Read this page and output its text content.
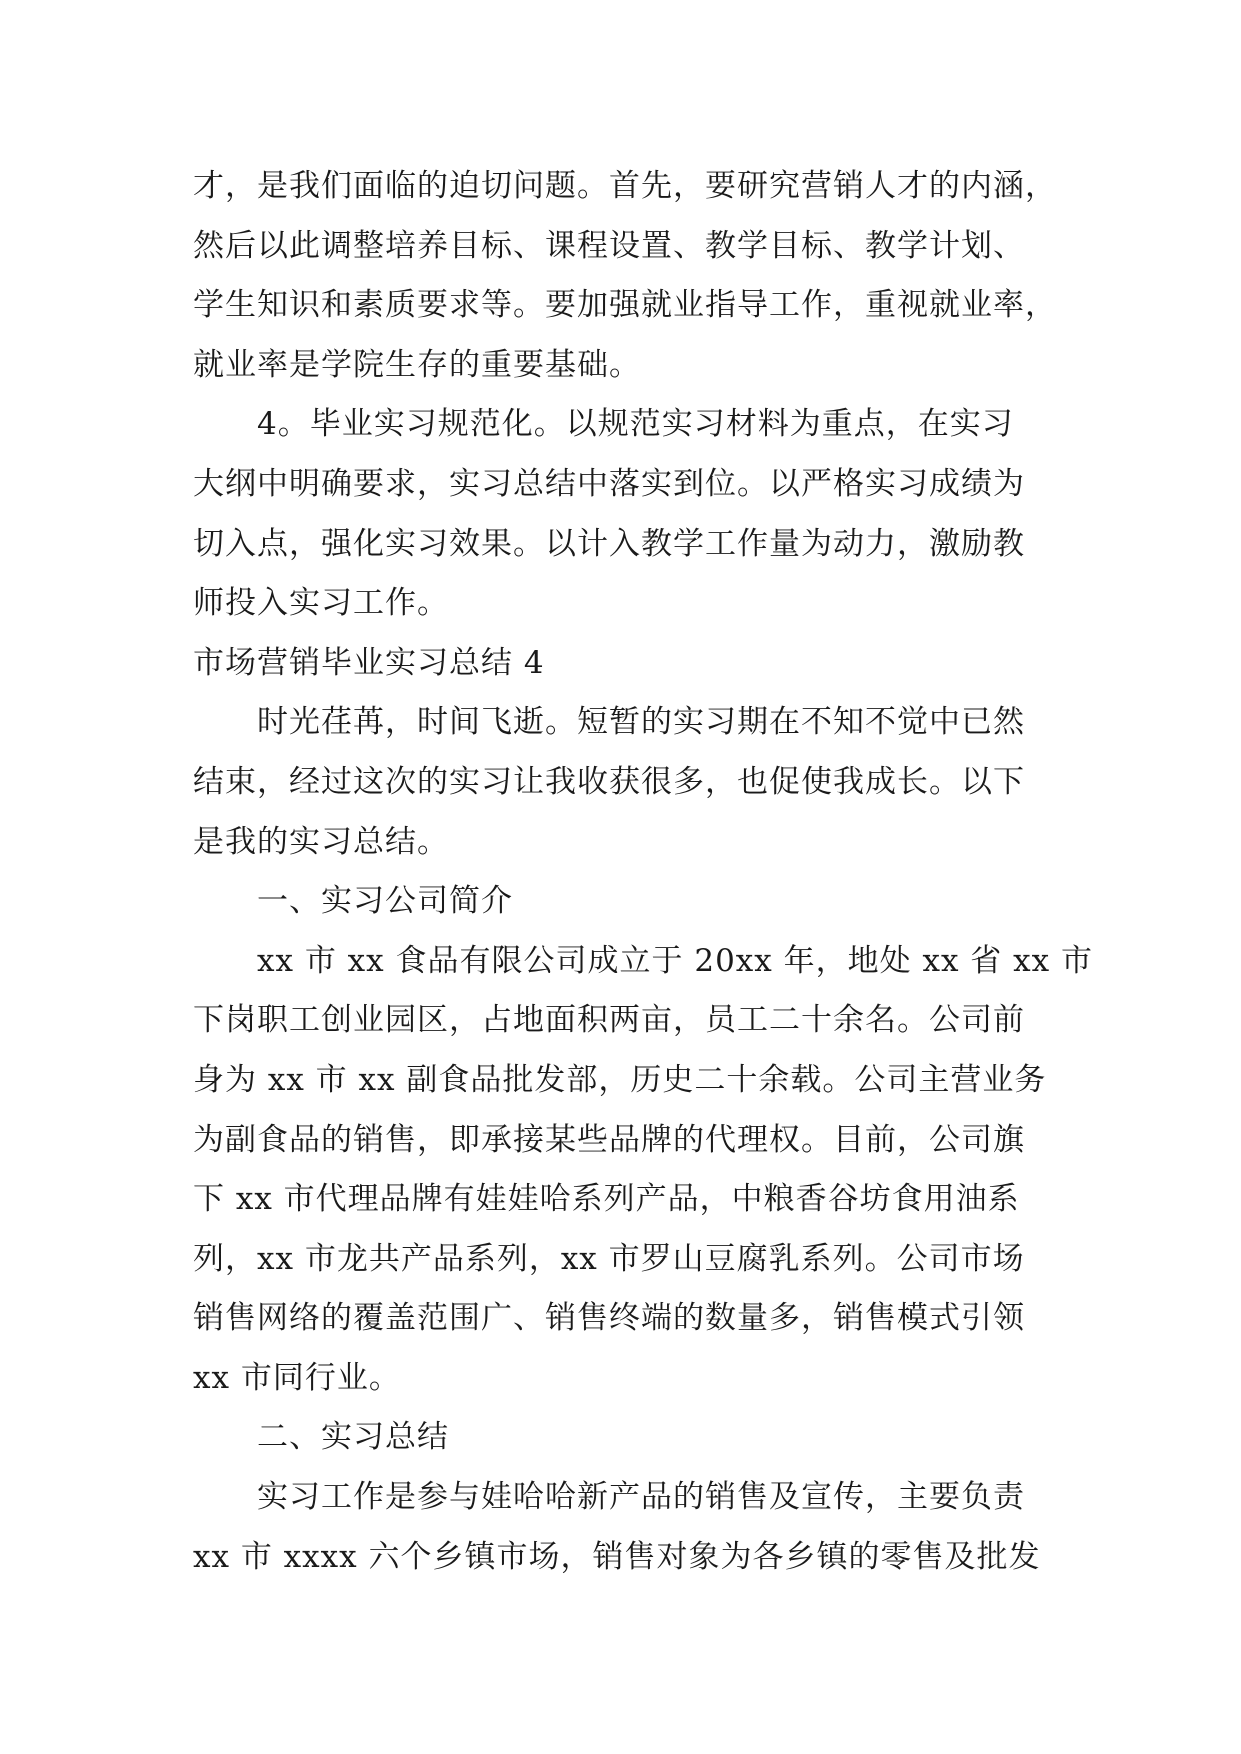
才，是我们面临的迫切问题。首先，要研究营销人才的内涵，
然后以此调整培养目标、课程设置、教学目标、教学计划、
学生知识和素质要求等。要加强就业指导工作，重视就业率，
就业率是学院生存的重要基础。
4。毕业实习规范化。以规范实习材料为重点，在实习
大纲中明确要求，实习总结中落实到位。以严格实习成绩为
切入点，强化实习效果。以计入教学工作量为动力，激励教
师投入实习工作。
市场营销毕业实习总结 4
时光荏苒，时间飞逝。短暂的实习期在不知不觉中已然
结束，经过这次的实习让我收获很多，也促使我成长。以下
是我的实习总结。
一、实习公司简介
xx 市 xx 食品有限公司成立于 20xx 年，地处 xx 省 xx 市
下岗职工创业园区，占地面积两亩，员工二十余名。公司前
身为 xx 市 xx 副食品批发部，历史二十余载。公司主营业务
为副食品的销售，即承接某些品牌的代理权。目前，公司旗
下 xx 市代理品牌有娃娃哈系列产品，中粮香谷坊食用油系
列，xx 市龙共产品系列，xx 市罗山豆腐乳系列。公司市场
销售网络的覆盖范围广、销售终端的数量多，销售模式引领
xx 市同行业。
二、实习总结
实习工作是参与娃哈哈新产品的销售及宣传，主要负责
xx 市 xxxx 六个乡镇市场，销售对象为各乡镇的零售及批发
